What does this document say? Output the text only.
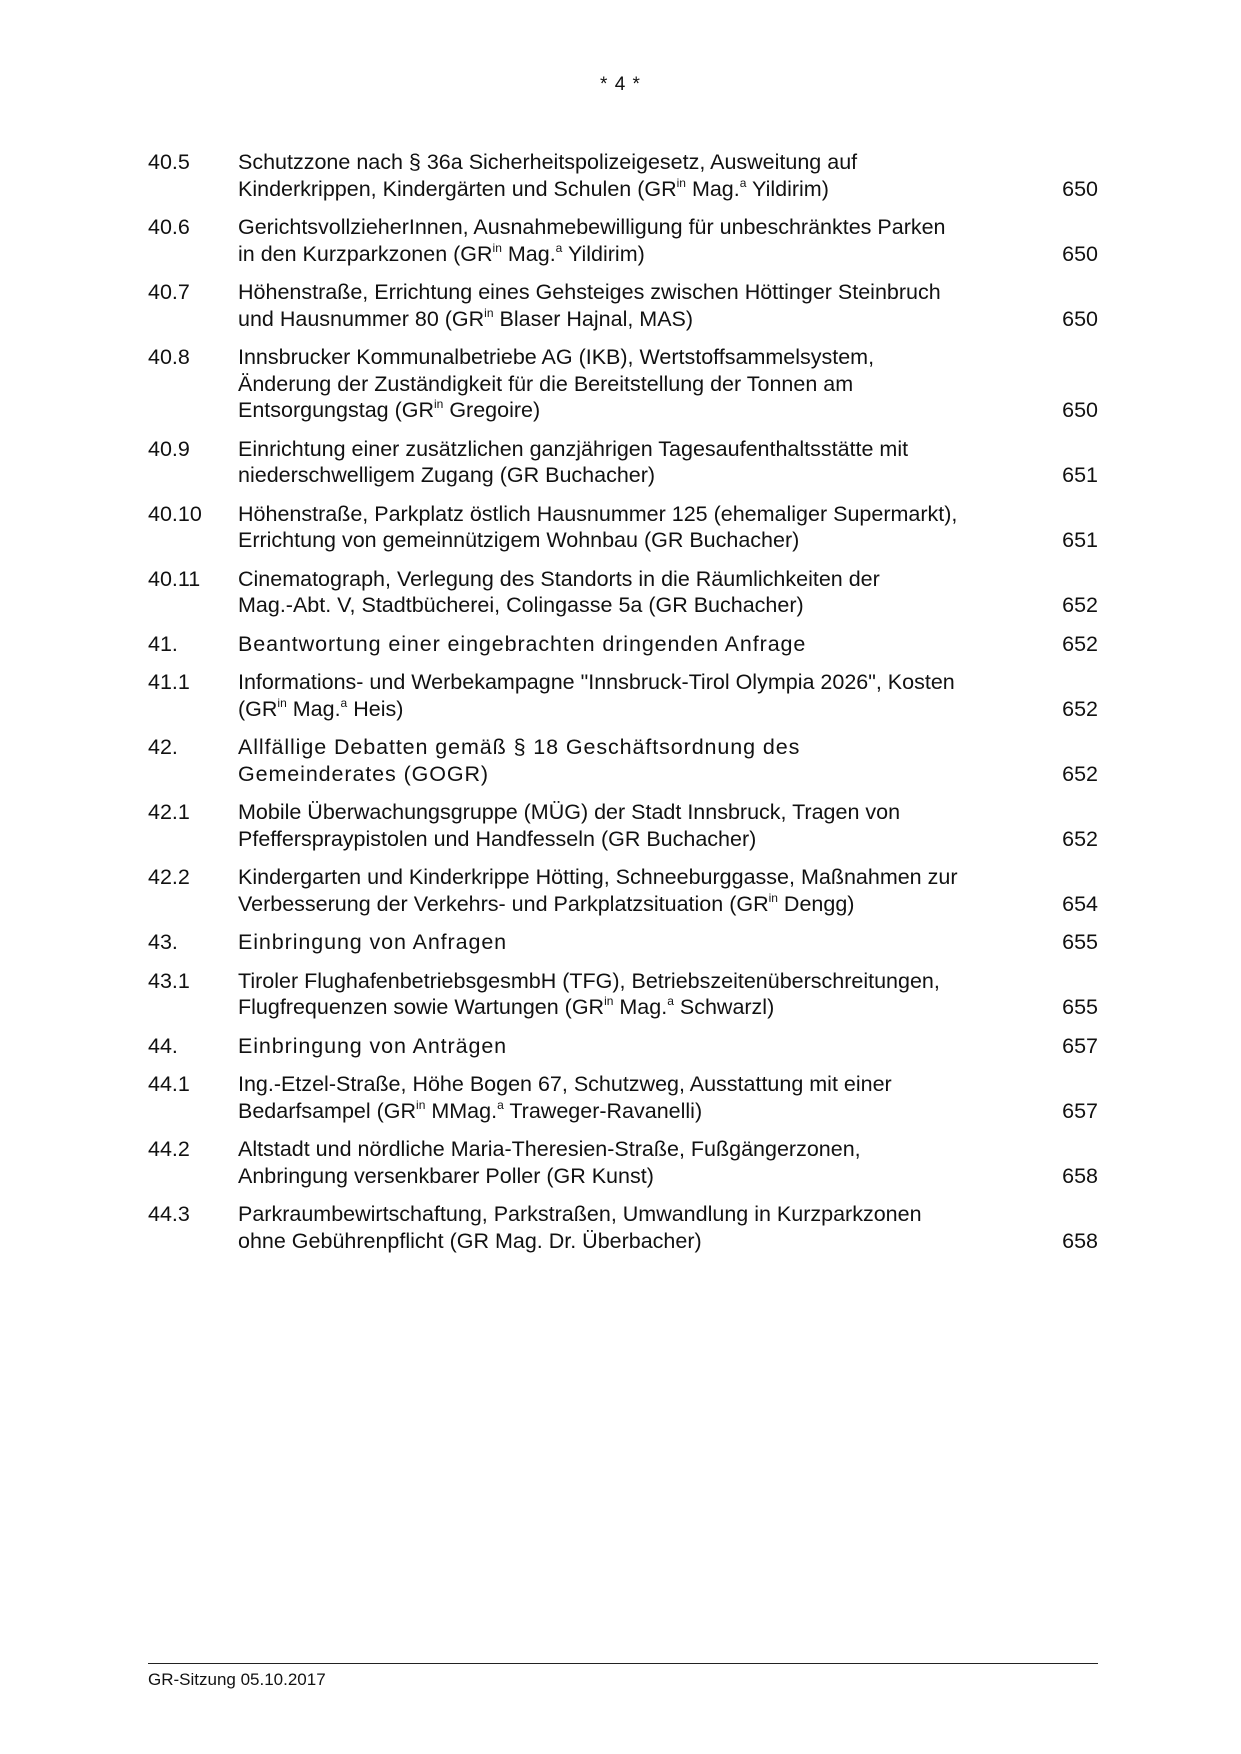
* 4 *
40.5	Schutzzone nach § 36a Sicherheitspolizeigesetz, Ausweitung auf
Kinderkrippen, Kindergärten und Schulen ($GR^{in}$ Mag.$^a$ Yildirim)	650
40.6	GerichtsvollzieherInnen, Ausnahmebewilligung für unbeschränktes Parken
in den Kurzparkzonen ($GR^{in}$ Mag.$^a$ Yildirim)	650
40.7	Höhenstraße, Errichtung eines Gehsteiges zwischen Höttinger Steinbruch
und Hausnummer 80 ($GR^{in}$ Blaser Hajnal, MAS)	650
40.8	Innsbrucker Kommunalbetriebe AG (IKB), Wertstoffsammelsystem,
Änderung der Zuständigkeit für die Bereitstellung der Tonnen am
Entsorgungstag ($GR^{in}$ Gregoire)	650
40.9	Einrichtung einer zusätzlichen ganzjährigen Tagesaufenthaltsstätte mit
niederschwelligem Zugang (GR Buchacher)	651
40.10	Höhenstraße, Parkplatz östlich Hausnummer 125 (ehemaliger Supermarkt),
Errichtung von gemeinnützigem Wohnbau (GR Buchacher)	651
40.11	Cinematograph, Verlegung des Standorts in die Räumlichkeiten der
Mag.-Abt. V, Stadtbücherei, Colingasse 5a (GR Buchacher)	652
41.	Beantwortung einer eingebrachten dringenden Anfrage	652
41.1	Informations- und Werbekampagne "Innsbruck-Tirol Olympia 2026", Kosten
($GR^{in}$ Mag.$^a$ Heis)	652
42.	Allfällige Debatten gemäß § 18 Geschäftsordnung des
Gemeinderates (GOGR)	652
42.1	Mobile Überwachungsgruppe (MÜG) der Stadt Innsbruck, Tragen von
Pfefferspraypistolen und Handfesseln (GR Buchacher)	652
42.2	Kindergarten und Kinderkrippe Hötting, Schneeburggasse, Maßnahmen zur
Verbesserung der Verkehrs- und Parkplatzsituation ($GR^{in}$ Dengg)	654
43.	Einbringung von Anfragen	655
43.1	Tiroler FlughafenbetriebsgesmbH (TFG), Betriebszeitenüberschreitungen,
Flugfrequenzen sowie Wartungen ($GR^{in}$ Mag.$^a$ Schwarzl)	655
44.	Einbringung von Anträgen	657
44.1	Ing.-Etzel-Straße, Höhe Bogen 67, Schutzweg, Ausstattung mit einer
Bedarfsampel ($GR^{in}$ MMag.$^a$ Traweger-Ravanelli)	657
44.2	Altstadt und nördliche Maria-Theresien-Straße, Fußgängerzonen,
Anbringung versenkbarer Poller (GR Kunst)	658
44.3	Parkraumbewirtschaftung, Parkstraßen, Umwandlung in Kurzparkzonen
ohne Gebührenpflicht (GR Mag. Dr. Überbacher)	658
GR-Sitzung 05.10.2017
